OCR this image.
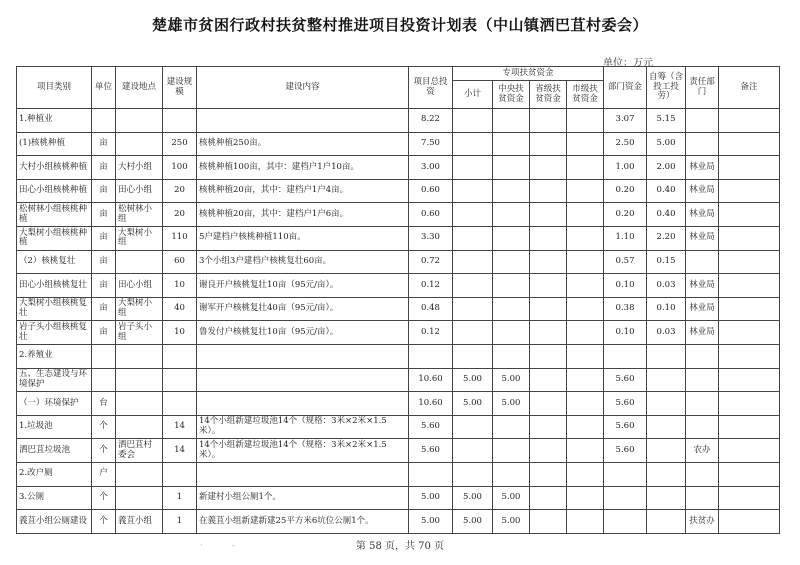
楚雄市贫困行政村扶贫整村推进项目投资计划表（中山镇洒巴苴村委会）
单位：万元
项目类别	单位	建设地点	建设规模	建设内容	项目总投资	专项扶贫资金				部门资金	自筹（含投工投劳）	责任部门	备注
						小计	中央扶贫资金	省级扶贫资金	市级扶贫资金				
1.种植业					8.22					3.07	5.15		
(1)核桃种植	亩		250	核桃种植250亩。	7.50					2.50	5.00		
大村小组核桃种植	亩	大村小组	100	核桃种植100亩，其中：建档户1户10亩。	3.00					1.00	2.00	林业局	
田心小组核桃种植	亩	田心小组	20	核桃种植20亩，其中：建档户1户4亩。	0.60					0.20	0.40	林业局	
松树林小组核桃种植	亩	松树林小组	20	核桃种植20亩，其中：建档户1户6亩。	0.60					0.20	0.40	林业局	
大梨树小组核桃种植	亩	大梨树小组	110	5户建档户核桃种植110亩。	3.30					1.10	2.20	林业局	
（2）核桃复壮	亩		60	3个小组3户建档户核桃复壮60亩。	0.72					0.57	0.15		
田心小组核桃复壮	亩	田心小组	10	谢良开户核桃复壮10亩（95元/亩）。	0.12					0.10	0.03	林业局	
大梨树小组核桃复壮	亩	大梨树小组	40	谢军开户核桃复壮40亩（95元/亩）。	0.48					0.38	0.10	林业局	
岩子头小组核桃复壮	亩	岩子头小组	10	鲁发付户核桃复壮10亩（95元/亩）。	0.12					0.10	0.03	林业局	
2.养殖业													
五、生态建设与环境保护					10.60	5.00	5.00			5.60			
（一）环境保护	台				10.60	5.00	5.00			5.60			
1.垃圾池	个		14	14个小组新建垃圾池14个（规格：3米×2米×1.5米）。	5.60					5.60			
洒巴苴垃圾池	个	洒巴苴村委会	14	14个小组新建垃圾池14个（规格：3米×2米×1.5米）。	5.60					5.60		农办	
2.改户厕	户												
3.公厕	个		1	新建村小组公厕1个。	5.00	5.00	5.00						
義苴小组公厕建设	个	義苴小组	1	在義苴小组新建新建25平方米6坑位公厕1个。	5.00	5.00	5.00					扶贫办	
·	-	第 58 页，共 70 页
